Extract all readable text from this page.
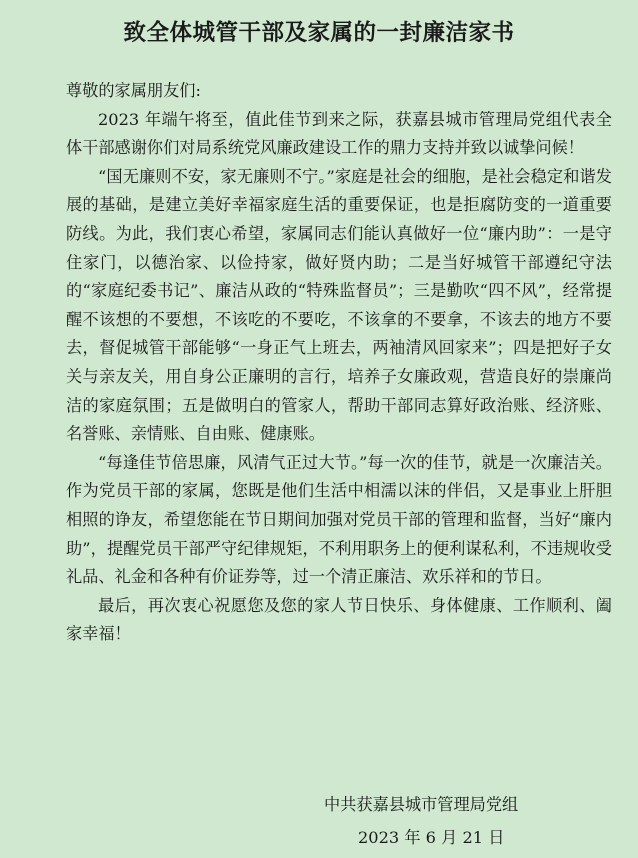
致全体城管干部及家属的一封廉洁家书

尊敬的家属朋友们:

2023 年端午将至，值此佳节到来之际，获嘉县城市管理局党组代表全体干部感谢你们对局系统党风廉政建设工作的鼎力支持并致以诚挚问候！

“国无廉则不安，家无廉则不宁。”家庭是社会的细胞，是社会稳定和谐发展的基础，是建立美好幸福家庭生活的重要保证，也是拒腐防变的一道重要防线。为此，我们衷心希望，家属同志们能认真做好一位“廉内助”：一是守住家门，以德治家、以俭持家，做好贤内助；二是当好城管干部遵纪守法的“家庭纪委书记”、廉洁从政的“特殊监督员”；三是勤吹“四不风”，经常提醒不该想的不要想，不该吃的不要吃，不该拿的不要拿，不该去的地方不要去，督促城管干部能够“一身正气上班去，两袖清风回家来”；四是把好子女关与亲友关，用自身公正廉明的言行，培养子女廉政观，营造良好的崇廉尚洁的家庭氛围；五是做明白的管家人，帮助干部同志算好政治账、经济账、名誉账、亲情账、自由账、健康账。

“每逢佳节倍思廉，风清气正过大节。”每一次的佳节，就是一次廉洁关。作为党员干部的家属，您既是他们生活中相濡以沫的伴侣，又是事业上肝胆相照的诤友，希望您能在节日期间加强对党员干部的管理和监督，当好“廉内助”，提醒党员干部严守纪律规矩，不利用职务上的便利谋私利，不违规收受礼品、礼金和各种有价证券等，过一个清正廉洁、欢乐祥和的节日。

最后，再次衷心祝愿您及您的家人节日快乐、身体健康、工作顺利、阖家幸福！

中共获嘉县城市管理局党组
2023 年 6 月 21 日
